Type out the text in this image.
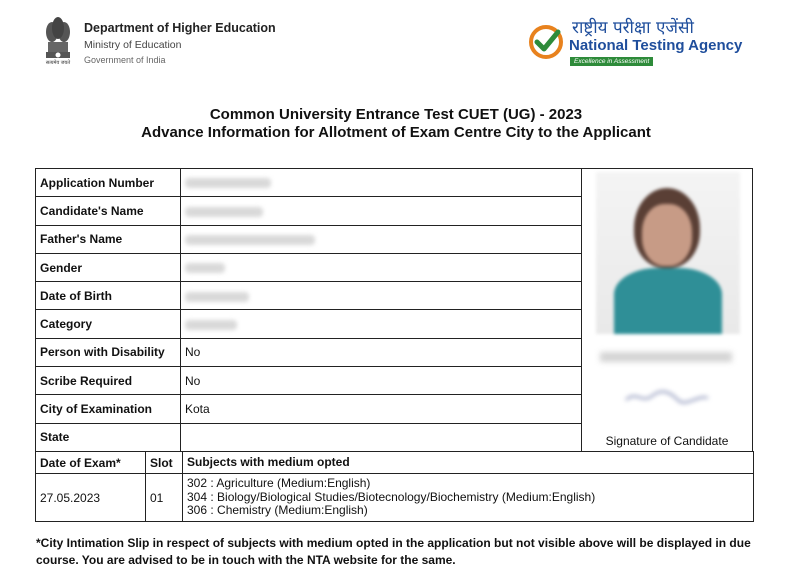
सत्यमेव जयते
Department of Higher Education
Ministry of Education
Government of India
राष्ट्रीय परीक्षा एजेंसी
National Testing Agency
Excellence in Assessment
Common University Entrance Test CUET (UG) - 2023
Advance Information for Allotment of Exam Centre City to the Applicant
Application Number	
Candidate's Name	
Father's Name	
Gender	
Date of Birth	
Category	
Person with Disability	No
Scribe Required	No
City of Examination	Kota
State		Signature of Candidate
Date of Exam*	Slot	Subjects with medium opted
27.05.2023	01	302 : Agriculture (Medium:English)
304 : Biology/Biological Studies/Biotecnology/Biochemistry (Medium:English)
306 : Chemistry (Medium:English)
*City Intimation Slip in respect of subjects with medium opted in the application but not visible above will be displayed in due course. You are advised to be in touch with the NTA website for the same.
